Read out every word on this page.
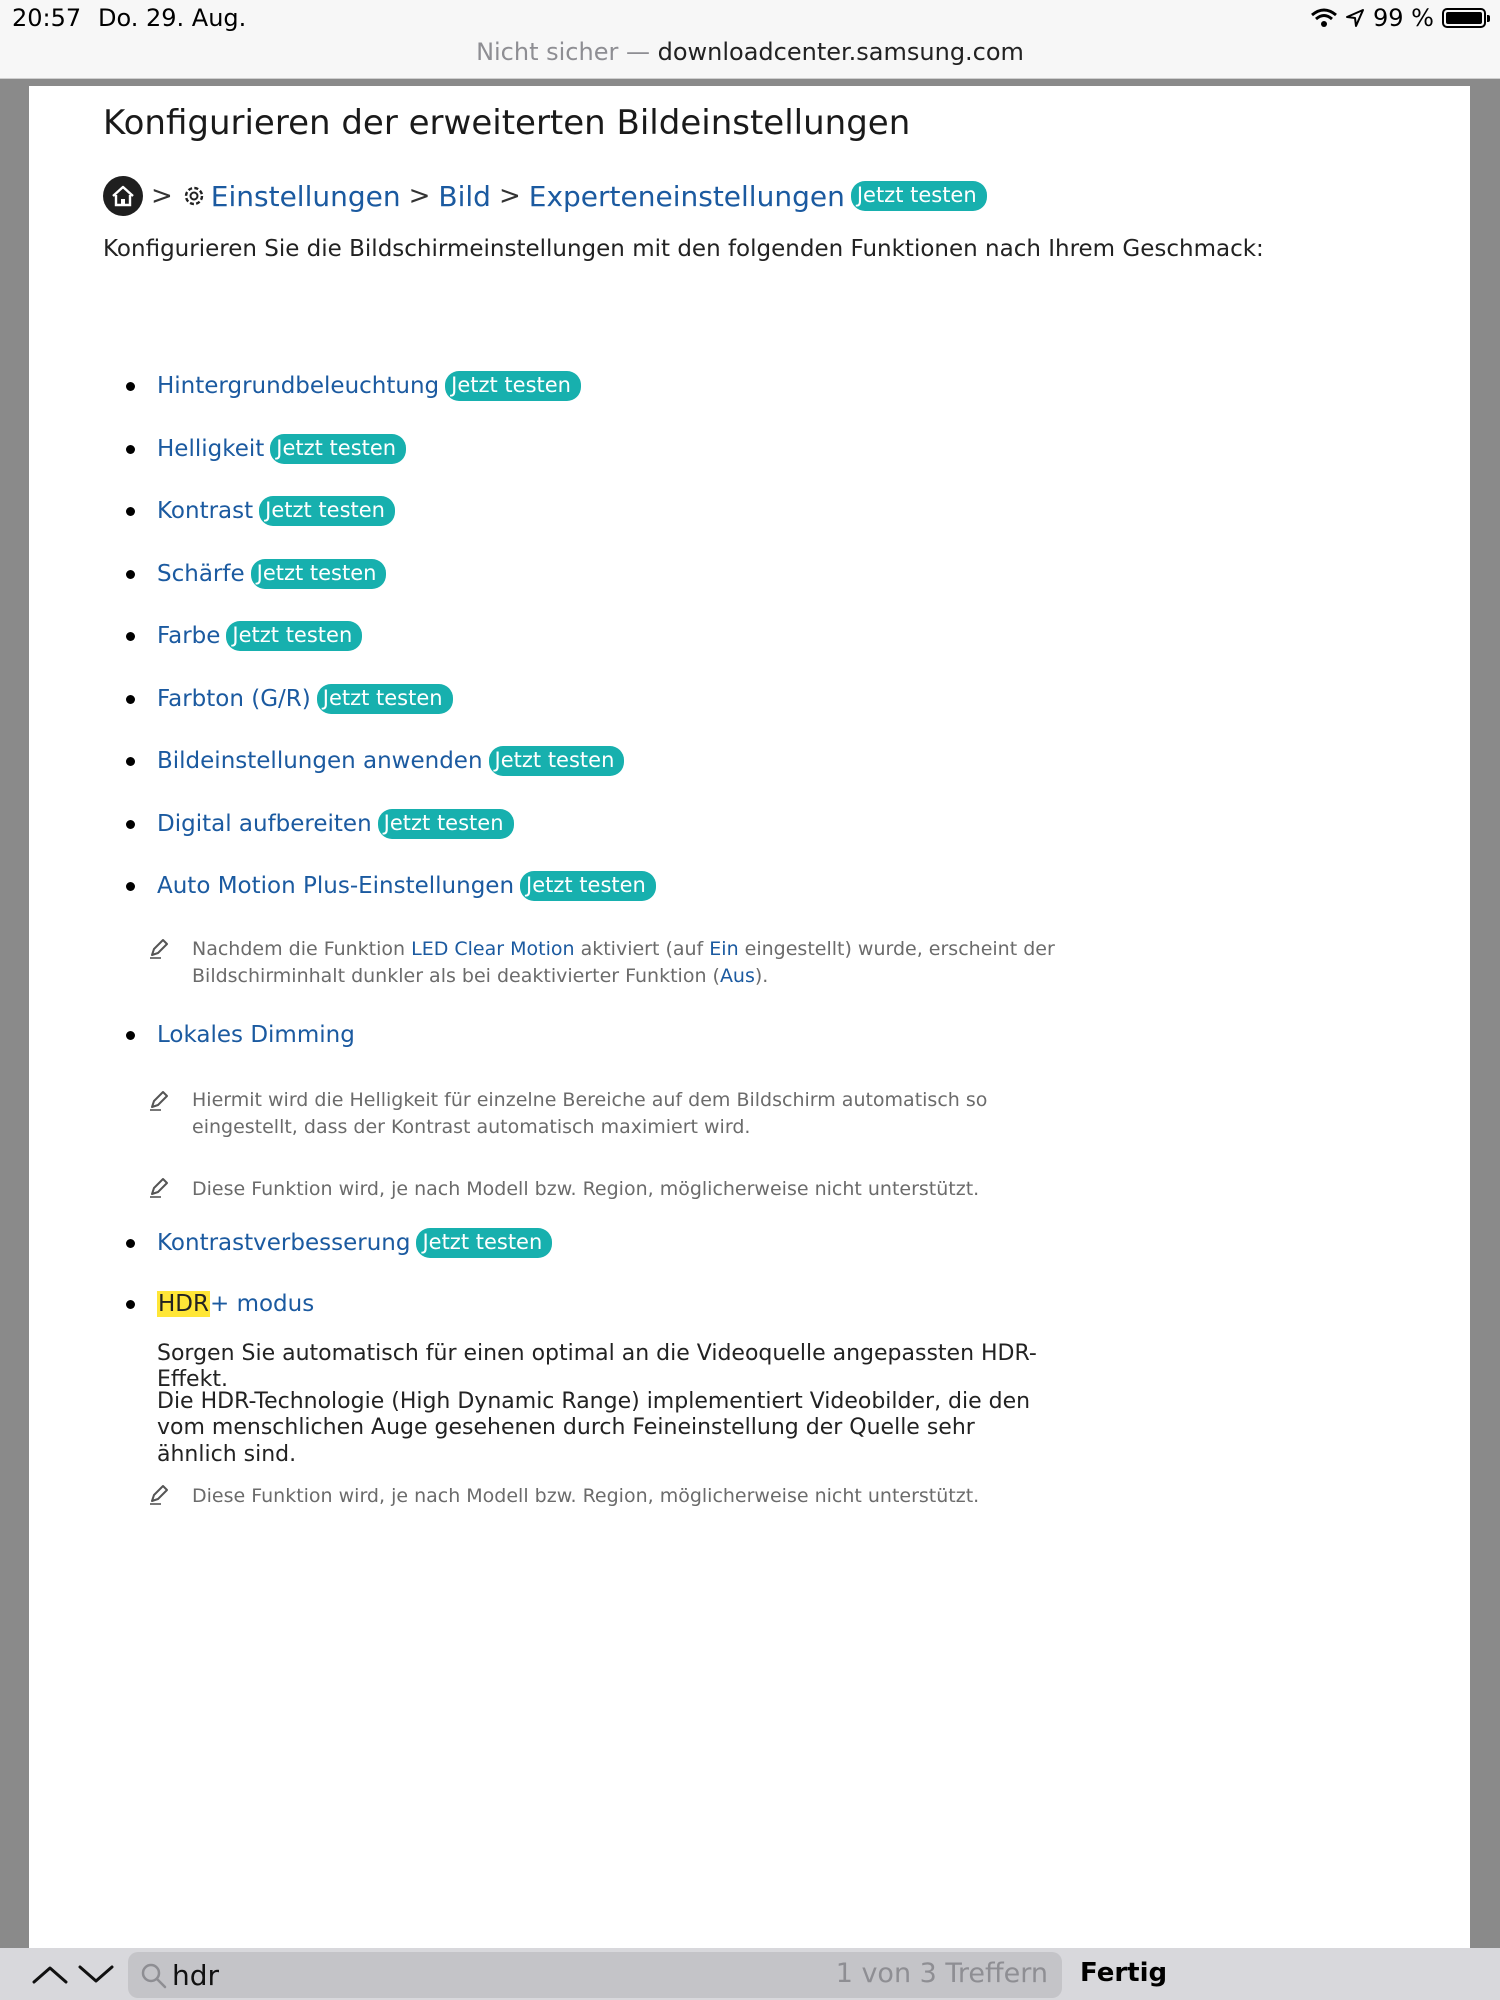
20:57 Do. 29. Aug.	99 %
Nicht sicher — downloadcenter.samsung.com
Konfigurieren der erweiterten Bildeinstellungen
> Einstellungen > Bild > Experteneinstellungen Jetzt testen

Konfigurieren Sie die Bildschirmeinstellungen mit den folgenden Funktionen nach Ihrem Geschmack:

Hintergrundbeleuchtung Jetzt testen
Helligkeit Jetzt testen
Kontrast Jetzt testen
Schärfe Jetzt testen
Farbe Jetzt testen
Farbton (G/R) Jetzt testen
Bildeinstellungen anwenden Jetzt testen
Digital aufbereiten Jetzt testen
Auto Motion Plus-Einstellungen Jetzt testen

Nachdem die Funktion LED Clear Motion aktiviert (auf Ein eingestellt) wurde, erscheint der Bildschirminhalt dunkler als bei deaktivierter Funktion (Aus).

Lokales Dimming

Hiermit wird die Helligkeit für einzelne Bereiche auf dem Bildschirm automatisch so eingestellt, dass der Kontrast automatisch maximiert wird.

Diese Funktion wird, je nach Modell bzw. Region, möglicherweise nicht unterstützt.

Kontrastverbesserung Jetzt testen
HDR+ modus

Sorgen Sie automatisch für einen optimal an die Videoquelle angepassten HDR-Effekt.

Die HDR-Technologie (High Dynamic Range) implementiert Videobilder, die den vom menschlichen Auge gesehenen durch Feineinstellung der Quelle sehr ähnlich sind.

Diese Funktion wird, je nach Modell bzw. Region, möglicherweise nicht unterstützt.

hdr
1 von 3 Treffern Fertig
